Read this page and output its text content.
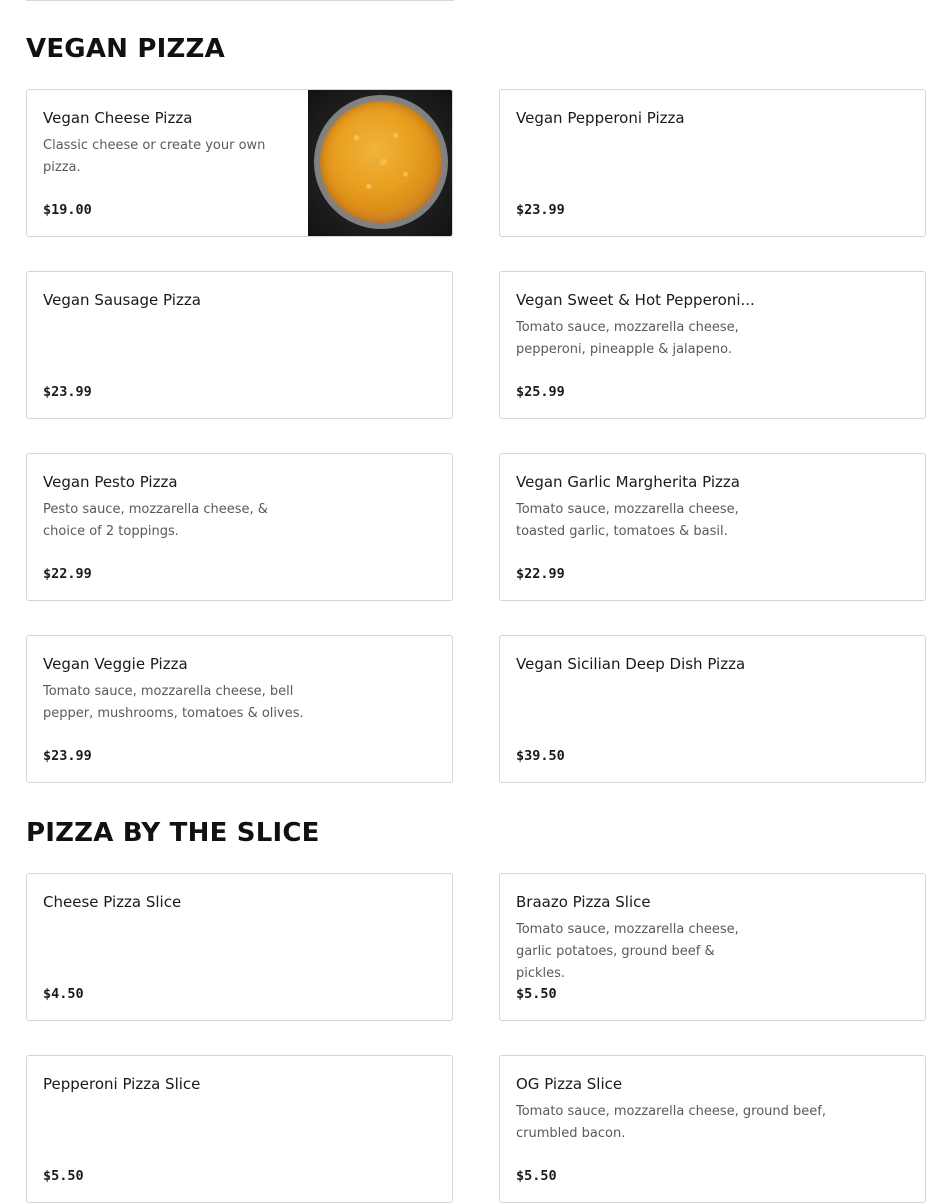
VEGAN PIZZA
Vegan Cheese Pizza
Classic cheese or create your own pizza.
$19.00
Vegan Pepperoni Pizza
$23.99
Vegan Sausage Pizza
$23.99
Vegan Sweet & Hot Pepperoni...
Tomato sauce, mozzarella cheese, pepperoni, pineapple & jalapeno.
$25.99
Vegan Pesto Pizza
Pesto sauce, mozzarella cheese, & choice of 2 toppings.
$22.99
Vegan Garlic Margherita Pizza
Tomato sauce, mozzarella cheese, toasted garlic, tomatoes & basil.
$22.99
Vegan Veggie Pizza
Tomato sauce, mozzarella cheese, bell pepper, mushrooms, tomatoes & olives.
$23.99
Vegan Sicilian Deep Dish Pizza
$39.50
PIZZA BY THE SLICE
Cheese Pizza Slice
$4.50
Braazo Pizza Slice
Tomato sauce, mozzarella cheese, garlic potatoes, ground beef & pickles.
$5.50
Pepperoni Pizza Slice
$5.50
OG Pizza Slice
Tomato sauce, mozzarella cheese, ground beef, crumbled bacon.
$5.50
